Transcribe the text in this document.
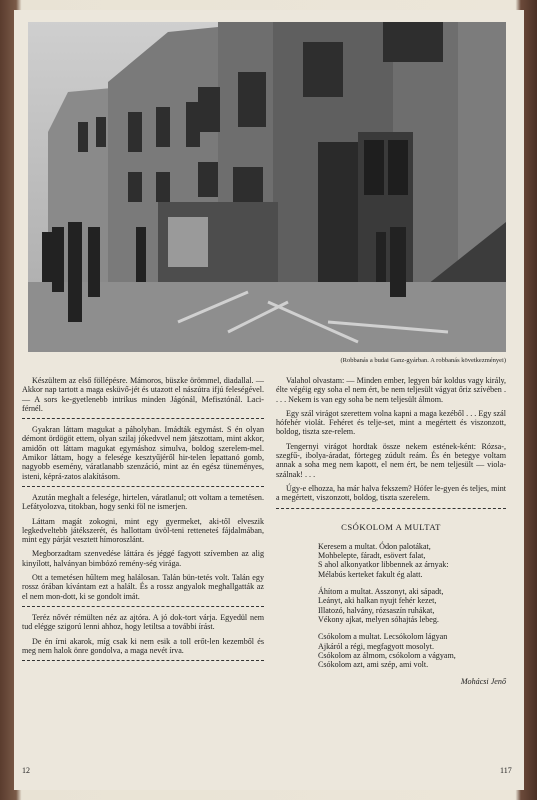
(Robbanás a budai Ganz-gyárban. A robbanás következményei)

Készültem az első föllépésre. Mámoros, büszke örömmel, diadallal. — Akkor nap tartott a maga esküvő-jét és utazott el nászútra ifjú feleségével. — A sors ke-gyetlenebb intrikus minden Jágónál, Mefisztónál. Laci-férnél.

Gyakran láttam magukat a páholyban. Imádták egymást. S én olyan démont ördögöt ettem, olyan szilaj jókedvvel nem játszottam, mint akkor, amidőn ott láttam magukat egymáshoz simulva, boldog szerelem-mel. Amikor láttam, hogy a felesége kesztyűjéről hir-telen lepattanó gomb, nagyobb esemény, váratlanabb szenzáció, mint az én egész tüneményes, isteni, képrá-zatos alakításom.

Azután meghalt a felesége, hirtelen, váratlanul; ott voltam a temetésen. Lefátyolozva, titokban, hogy senki föl ne ismerjen.

Láttam magát zokogni, mint egy gyermeket, aki-től elveszik legkedveltebb játékszerét, és hallottam üvöl-teni retteneteś fájdalmában, mint egy párját vesztett hímoroszlánt.

Megborzadtam szenvedése láttára és jéggé fagyott szívemben az alig kinyílott, halványan bimbózó remény-ség virága.

Ott a temetésen hűltem meg halálosan. Talán bün-tetés volt. Talán egy rossz órában kívántam ezt a halált. És a rossz angyalok meghallgatták az el nem mon-dott, ki se gondolt imát.

Teréz nővér rémülten néz az ajtóra. A jó dok-tort várja. Egyedül nem tud elégge szigorú lenni ahhoz, hogy letiltsa a további írást.

De én írni akarok, míg csak ki nem esik a toll erőt-len kezemből és meg nem halok önre gondolva, a maga nevét írva.

Valahol olvastam: — Minden ember, legyen bár koldus vagy király, élte végéig egy soha el nem ért, be nem teljesült vágyat őriz szívében . . . . Nekem is van egy soha be nem teljesült álmom.

Egy szál virágot szerettem volna kapni a maga kezéből . . . Egy szál hófehér violát. Fehéret és telje-set, mint a megértett és viszonzott, boldog, tiszta sze-relem.

Tengernyi virágot hordtak össze nekem estének-ként: Rózsa-, szegfű-, ibolya-áradat, förtegeg zúdult reám. És én betegye voltam annak a soha meg nem kapott, el nem ért, be nem teljesült — viola-szálnak! . . .

Úgy-e elhozza, ha már halva fekszem? Hófer le-gyen és teljes, mint a megértett, viszonzott, boldog, tiszta szerelem.

CSÓKOLOM A MULTAT
Keresem a multat. Ódon palotákat,
Mohbelepte, fáradt, esövert falat,
S ahol alkonyatkor libbennek az árnyak:
Mélabús kerteket fakult ég alatt.
Áhítom a multat. Asszonyt, aki sápadt,
Leányt, aki halkan nyujt fehér kezet,
Illatozó, halvány, rózsaszín ruhákat,
Vékony ajkat, melyen sóhajtás lebeg.
Csókolom a multat. Lecsókolom lágyan
Ajkáról a régi, megfagyott mosolyt.
Csókolom az álmom, csókolom a vágyam,
Csókolom azt, ami szép, ami volt.
Mohácsi Jenő
12	117
